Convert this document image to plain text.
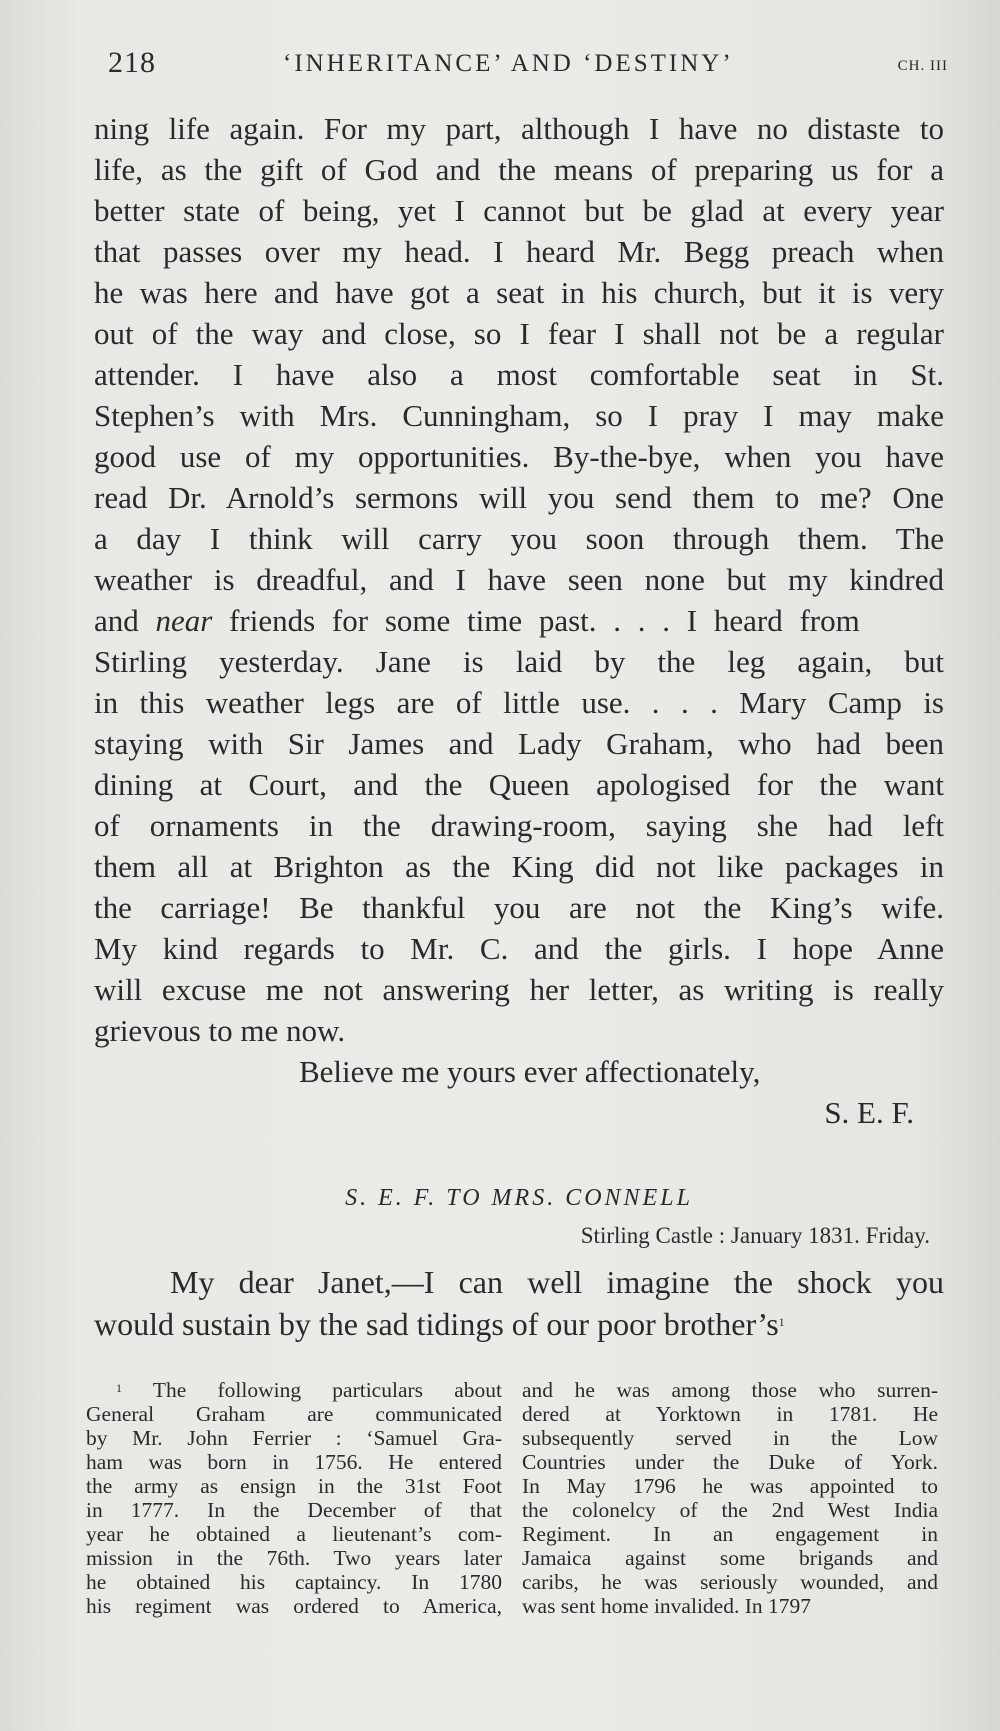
218	‘INHERITANCE’ AND ‘DESTINY’	CH. III
ning life again. For my part, although I have no distaste to
life, as the gift of God and the means of preparing us for a
better state of being, yet I cannot but be glad at every year
that passes over my head. I heard Mr. Begg preach when
he was here and have got a seat in his church, but it is very
out of the way and close, so I fear I shall not be a regular
attender. I have also a most comfortable seat in St.
Stephen’s with Mrs. Cunningham, so I pray I may make
good use of my opportunities. By-the-bye, when you have
read Dr. Arnold’s sermons will you send them to me? One
a day I think will carry you soon through them. The
weather is dreadful, and I have seen none but my kindred
and near friends for some time past. . . . I heard from
Stirling yesterday. Jane is laid by the leg again, but
in this weather legs are of little use. . . . Mary Camp is
staying with Sir James and Lady Graham, who had been
dining at Court, and the Queen apologised for the want
of ornaments in the drawing-room, saying she had left
them all at Brighton as the King did not like packages in
the carriage! Be thankful you are not the King’s wife.
My kind regards to Mr. C. and the girls. I hope Anne
will excuse me not answering her letter, as writing is really
grievous to me now.
Believe me yours ever affectionately,
S. E. F.
S. E. F. TO MRS. CONNELL
Stirling Castle : January 1831. Friday.
My dear Janet,—I can well imagine the shock you
would sustain by the sad tidings of our poor $brother’s^1$
$^1$ The following particulars about
General Graham are communicated
by Mr. John Ferrier : ‘Samuel Gra-
ham was born in 1756. He entered
the army as ensign in the 31st Foot
in 1777. In the December of that
year he obtained a lieutenant’s com-
mission in the 76th. Two years later
he obtained his captaincy. In 1780
his regiment was ordered to America,
and he was among those who surren-
dered at Yorktown in 1781. He
subsequently served in the Low
Countries under the Duke of York.
In May 1796 he was appointed to
the colonelcy of the 2nd West India
Regiment. In an engagement in
Jamaica against some brigands and
caribs, he was seriously wounded, and
was sent home invalided. In 1797
